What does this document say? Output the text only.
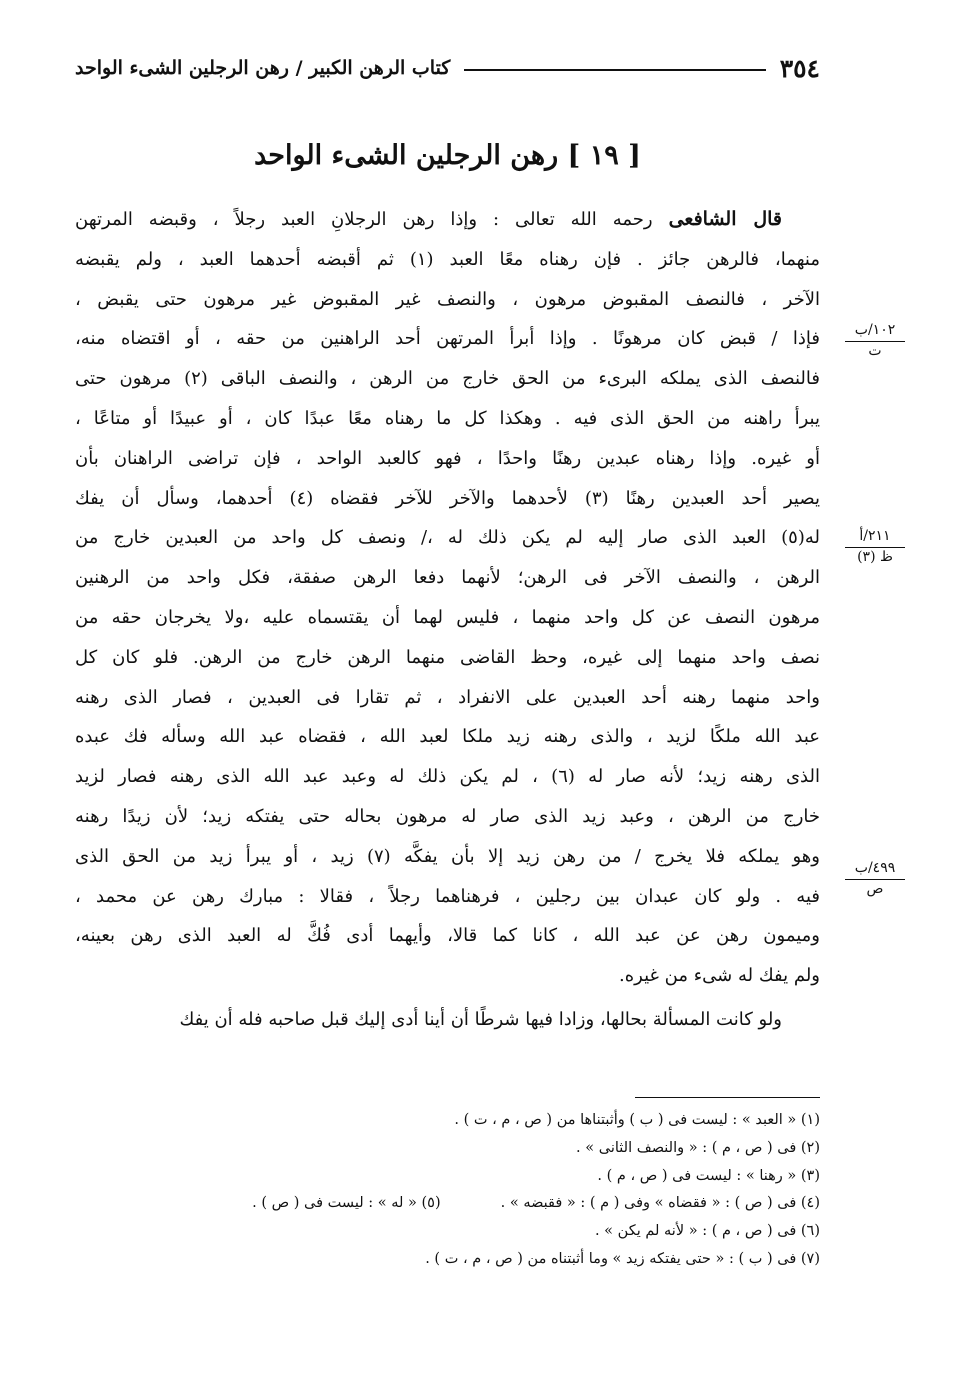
٣٥٤
كتاب الرهن الكبير / رهن الرجلين الشىء الواحد
[ ١٩ ] رهن الرجلين الشىء الواحد
قال الشافعى رحمه الله تعالى : وإذا رهن الرجلانِ العبد رجلاً ، وقبضه المرتهن
منهما، فالرهن جائز . فإن رهناه معًا العبد (١) ثم أقبضه أحدهما العبد ، ولم يقبضه
الآخر ، فالنصف المقبوض مرهون ، والنصف غير المقبوض غير مرهون حتى يقبض ،
فإذا / قبض كان مرهونًا . وإذا أبرأ المرتهن أحد الراهنين من حقه ، أو اقتضاه منه،
فالنصف الذى يملكه البرىء من الحق خارج من الرهن ، والنصف الباقى (٢) مرهون حتى
يبرأ راهنه من الحق الذى فيه . وهكذا كل ما رهناه معًا عبدًا كان ، أو عبيدًا أو متاعًا ،
أو غيره. وإذا رهناه عبدين رهنًا واحدًا ، فهو كالعبد الواحد ، فإن تراضى الراهنان بأن
يصير أحد العبدين رهنًا (٣) لأحدهما والآخر للآخر فقضاه (٤) أحدهما، وسأل أن يفك
له(٥) العبد الذى صار إليه لم يكن ذلك له ،/ ونصف كل واحد من العبدين خارج من
الرهن ، والنصف الآخر فى الرهن؛ لأنهما دفعا الرهن صفقة، فكل واحد من الرهنين
مرهون النصف عن كل واحد منهما ، فليس لهما أن يقتسماه عليه ،ولا يخرجان حقه من
نصف واحد منهما إلى غيره، وحظ القاضى منهما الرهن خارج من الرهن. فلو كان كل
واحد منهما رهنه أحد العبدين على الانفراد ، ثم تقارا فى العبدين ، فصار الذى رهنه
عبد الله ملكًا لزيد ، والذى رهنه زيد ملكا لعبد الله ، فقضاه عبد الله وسأله فك عبده
الذى رهنه زيد؛ لأنه صار له (٦) ، لم يكن ذلك له وعبد عبد الله الذى رهنه فصار لزيد
خارج من الرهن ، وعبد زيد الذى صار له مرهون بحاله حتى يفتكه زيد؛ لأن زيدًا رهنه
وهو يملكه فلا يخرج / من رهن زيد إلا بأن يفكَّه (٧) زيد ، أو يبرأ زيد من الحق الذى
فيه . ولو كان عبدان بين رجلين ، فرهناهما رجلاً ، فقالا : مبارك رهن عن محمد ،
وميمون رهن عن عبد الله ، كانا كما قالا، وأيهما أدى فُكَّ له العبد الذى رهن بعينه،
ولم يفك له شىء من غيره.
ولو كانت المسألة بحالها، وزادا فيها شرطًا أن أينا أدى إليك قبل صاحبه فله أن يفك
١٠٢/ب
ت
٢١١/أ
ظ (٣)
٤٩٩/ب
ص
(١) « العبد » : ليست فى ( ب ) وأثبتناها من ( ص ، م ، ت ) .
(٢) فى ( ص ، م ) : « والنصف الثانى » .
(٣) « رهنا » : ليست فى ( ص ، م ) .
(٤) فى ( ص ) : « فقضاه » وفى ( م ) : « فقبضه » .
(٥) « له » : ليست فى ( ص ) .
(٦) فى ( ص ، م ) : « لأنه لم يكن » .
(٧) فى ( ب ) : « حتى يفتكه زيد » وما أثبتناه من ( ص ، م ، ت ) .
